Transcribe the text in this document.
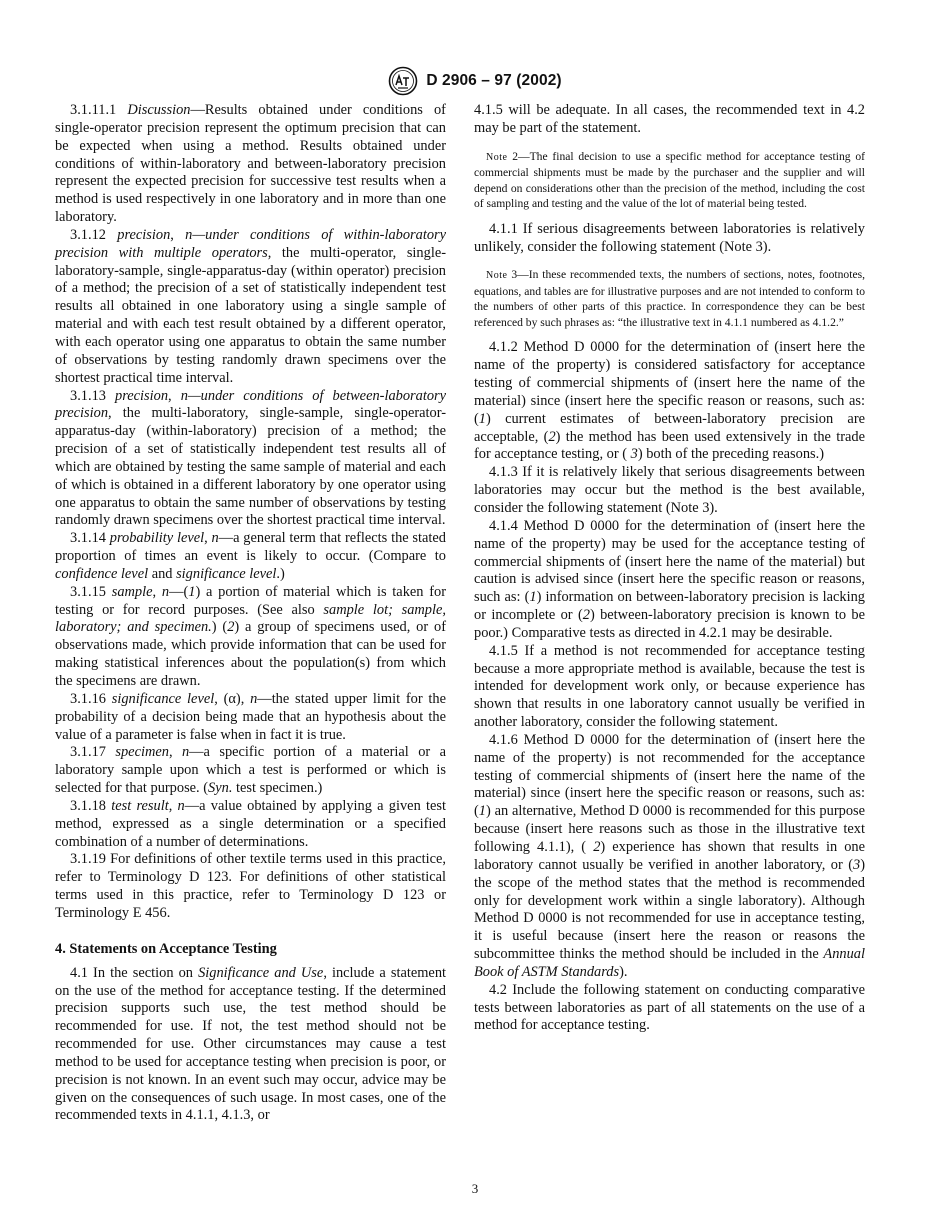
D 2906 – 97 (2002)

3.1.11.1 Discussion—Results obtained under conditions of single-operator precision represent the optimum precision that can be expected when using a method. Results obtained under conditions of within-laboratory and between-laboratory precision represent the expected precision for successive test results when a method is used respectively in one laboratory and in more than one laboratory.

3.1.12 precision, n—under conditions of within-laboratory precision with multiple operators, the multi-operator, single-laboratory-sample, single-apparatus-day (within operator) precision of a method; the precision of a set of statistically independent test results all obtained in one laboratory using a single sample of material and with each test result obtained by a different operator, with each operator using one apparatus to obtain the same number of observations by testing randomly drawn specimens over the shortest practical time interval.

3.1.13 precision, n—under conditions of between-laboratory precision, the multi-laboratory, single-sample, single-operator-apparatus-day (within-laboratory) precision of a method; the precision of a set of statistically independent test results all of which are obtained by testing the same sample of material and each of which is obtained in a different laboratory by one operator using one apparatus to obtain the same number of observations by testing randomly drawn specimens over the shortest practical time interval.

3.1.14 probability level, n—a general term that reflects the stated proportion of times an event is likely to occur. (Compare to confidence level and significance level.)

3.1.15 sample, n—(1) a portion of material which is taken for testing or for record purposes. (See also sample lot; sample, laboratory; and specimen.) (2) a group of specimens used, or of observations made, which provide information that can be used for making statistical inferences about the population(s) from which the specimens are drawn.

3.1.16 significance level, (α), n—the stated upper limit for the probability of a decision being made that an hypothesis about the value of a parameter is false when in fact it is true.

3.1.17 specimen, n—a specific portion of a material or a laboratory sample upon which a test is performed or which is selected for that purpose. (Syn. test specimen.)

3.1.18 test result, n—a value obtained by applying a given test method, expressed as a single determination or a specified combination of a number of determinations.

3.1.19 For definitions of other textile terms used in this practice, refer to Terminology D 123. For definitions of other statistical terms used in this practice, refer to Terminology D 123 or Terminology E 456.

4. Statements on Acceptance Testing

4.1 In the section on Significance and Use, include a statement on the use of the method for acceptance testing. If the determined precision supports such use, the test method should be recommended for use. If not, the test method should not be recommended for use. Other circumstances may cause a test method to be used for acceptance testing when precision is poor, or precision is not known. In an event such may occur, advice may be given on the consequences of such usage. In most cases, one of the recommended texts in 4.1.1, 4.1.3, or

4.1.5 will be adequate. In all cases, the recommended text in 4.2 may be part of the statement.

Note 2—The final decision to use a specific method for acceptance testing of commercial shipments must be made by the purchaser and the supplier and will depend on considerations other than the precision of the method, including the cost of sampling and testing and the value of the lot of material being tested.

4.1.1 If serious disagreements between laboratories is relatively unlikely, consider the following statement (Note 3).

Note 3—In these recommended texts, the numbers of sections, notes, footnotes, equations, and tables are for illustrative purposes and are not intended to conform to the numbers of other parts of this practice. In correspondence they can be best referenced by such phrases as: “the illustrative text in 4.1.1 numbered as 4.1.2.”

4.1.2 Method D 0000 for the determination of (insert here the name of the property) is considered satisfactory for acceptance testing of commercial shipments of (insert here the name of the material) since (insert here the specific reason or reasons, such as: (1) current estimates of between-laboratory precision are acceptable, (2) the method has been used extensively in the trade for acceptance testing, or ( 3) both of the preceding reasons.)

4.1.3 If it is relatively likely that serious disagreements between laboratories may occur but the method is the best available, consider the following statement (Note 3).

4.1.4 Method D 0000 for the determination of (insert here the name of the property) may be used for the acceptance testing of commercial shipments of (insert here the name of the material) but caution is advised since (insert here the specific reason or reasons, such as: (1) information on between-laboratory precision is lacking or incomplete or (2) between-laboratory precision is known to be poor.) Comparative tests as directed in 4.2.1 may be desirable.

4.1.5 If a method is not recommended for acceptance testing because a more appropriate method is available, because the test is intended for development work only, or because experience has shown that results in one laboratory cannot usually be verified in another laboratory, consider the following statement.

4.1.6 Method D 0000 for the determination of (insert here the name of the property) is not recommended for the acceptance testing of commercial shipments of (insert here the name of the material) since (insert here the specific reason or reasons, such as: (1) an alternative, Method D 0000 is recommended for this purpose because (insert here reasons such as those in the illustrative text following 4.1.1), ( 2) experience has shown that results in one laboratory cannot usually be verified in another laboratory, or (3) the scope of the method states that the method is recommended only for development work within a single laboratory). Although Method D 0000 is not recommended for use in acceptance testing, it is useful because (insert here the reason or reasons the subcommittee thinks the method should be included in the Annual Book of ASTM Standards).

4.2 Include the following statement on conducting comparative tests between laboratories as part of all statements on the use of a method for acceptance testing.

3
